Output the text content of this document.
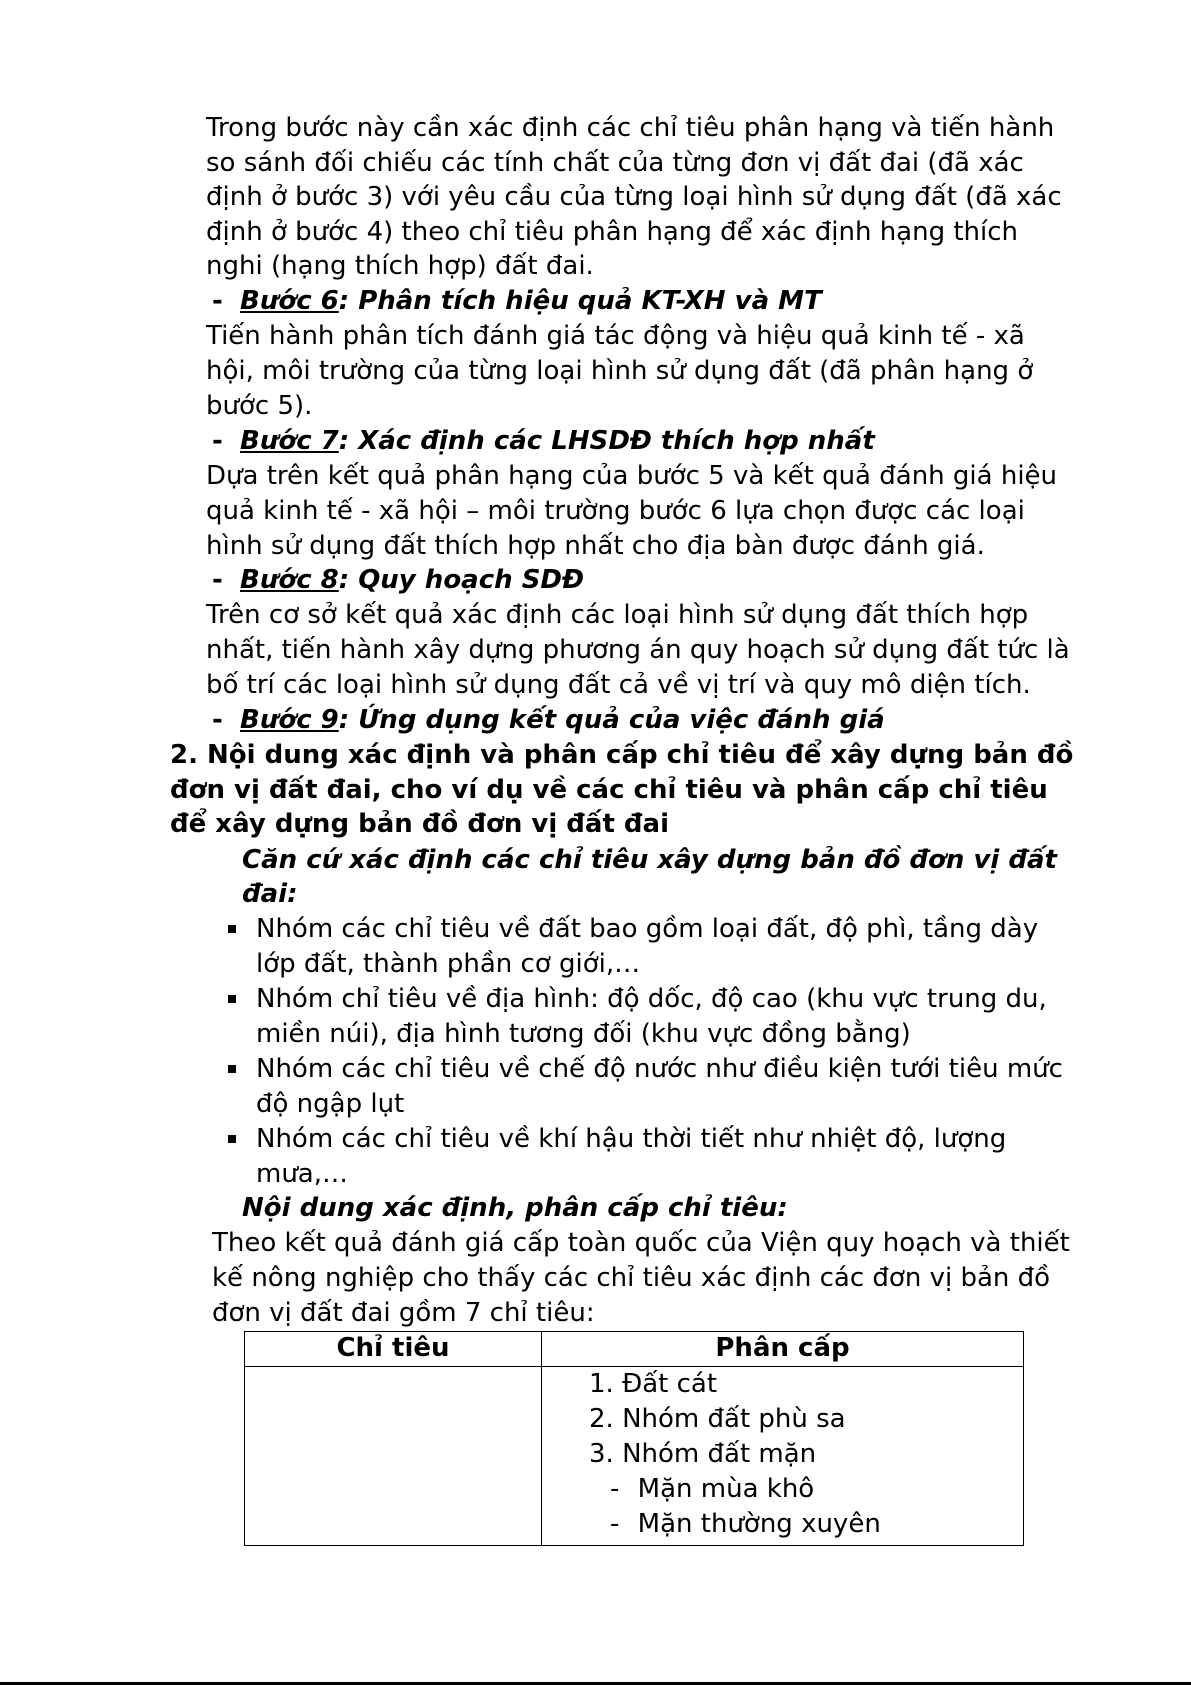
Trong bước này cần xác định các chỉ tiêu phân hạng và tiến hành
so sánh đối chiếu các tính chất của từng đơn vị đất đai (đã xác
định ở bước 3) với yêu cầu của từng loại hình sử dụng đất (đã xác
định ở bước 4) theo chỉ tiêu phân hạng để xác định hạng thích
nghi (hạng thích hợp) đất đai.
- Bước 6: Phân tích hiệu quả KT-XH và MT
Tiến hành phân tích đánh giá tác động và hiệu quả kinh tế - xã
hội, môi trường của từng loại hình sử dụng đất (đã phân hạng ở
bước 5).
- Bước 7: Xác định các LHSDĐ thích hợp nhất
Dựa trên kết quả phân hạng của bước 5 và kết quả đánh giá hiệu
quả kinh tế - xã hội – môi trường bước 6 lựa chọn được các loại
hình sử dụng đất thích hợp nhất cho địa bàn được đánh giá.
- Bước 8: Quy hoạch SDĐ
Trên cơ sở kết quả xác định các loại hình sử dụng đất thích hợp
nhất, tiến hành xây dựng phương án quy hoạch sử dụng đất tức là
bố trí các loại hình sử dụng đất cả về vị trí và quy mô diện tích.
- Bước 9: Ứng dụng kết quả của việc đánh giá
2. Nội dung xác định và phân cấp chỉ tiêu để xây dựng bản đồ
đơn vị đất đai, cho ví dụ về các chỉ tiêu và phân cấp chỉ tiêu
để xây dựng bản đồ đơn vị đất đai
Căn cứ xác định các chỉ tiêu xây dựng bản đồ đơn vị đất
đai:
Nhóm các chỉ tiêu về đất bao gồm loại đất, độ phì, tầng dày
lớp đất, thành phần cơ giới,…
Nhóm chỉ tiêu về địa hình: độ dốc, độ cao (khu vực trung du,
miền núi), địa hình tương đối (khu vực đồng bằng)
Nhóm các chỉ tiêu về chế độ nước như điều kiện tưới tiêu mức
độ ngập lụt
Nhóm các chỉ tiêu về khí hậu thời tiết như nhiệt độ, lượng
mưa,…
Nội dung xác định, phân cấp chỉ tiêu:
Theo kết quả đánh giá cấp toàn quốc của Viện quy hoạch và thiết
kế nông nghiệp cho thấy các chỉ tiêu xác định các đơn vị bản đồ
đơn vị đất đai gồm 7 chỉ tiêu:
Chỉ tiêu	Phân cấp

	1. Đất cát
2. Nhóm đất phù sa
3. Nhóm đất mặn
- Mặn mùa khô
- Mặn thường xuyên
